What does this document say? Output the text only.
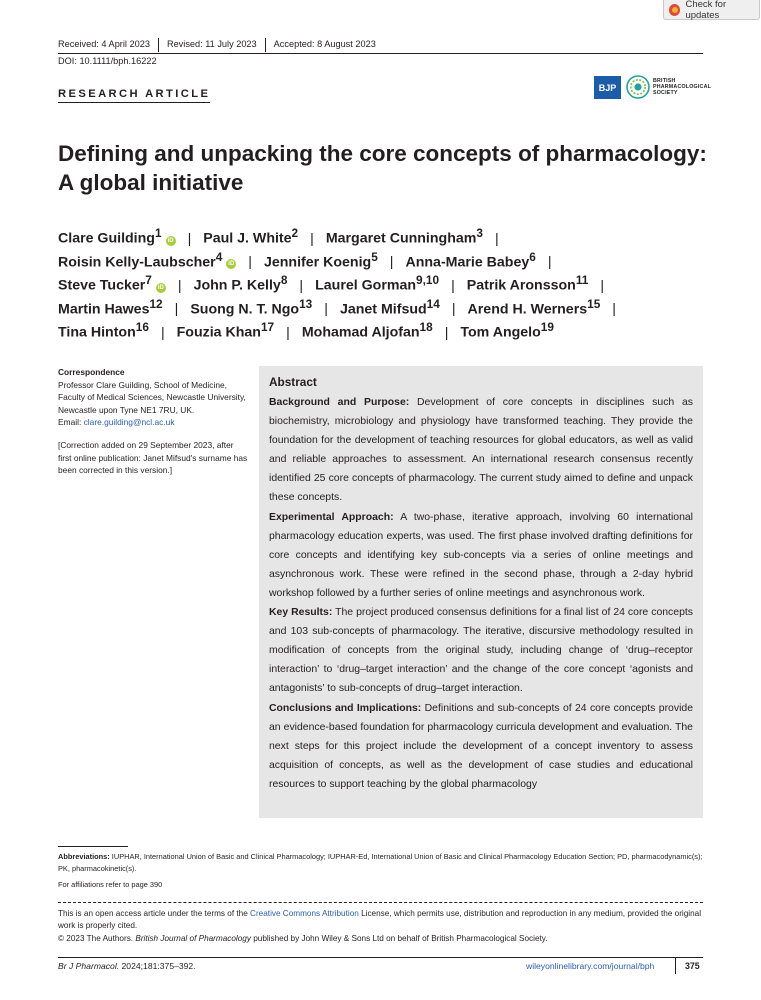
Check for updates
Received: 4 April 2023	Revised: 11 July 2023	Accepted: 8 August 2023
DOI: 10.1111/bph.16222
RESEARCH ARTICLE
BJP
BRITISH
PHARMACOLOGICAL
SOCIETY
Defining and unpacking the core concepts of pharmacology: A global initiative
Clare Guilding$^1$iD | Paul J. White$^2$ | Margaret Cunningham$^3$ |
Roisin Kelly-Laubscher$^4$iD | Jennifer Koenig$^5$ | Anna-Marie Babey$^6$ |
Steve Tucker$^7$iD | John P. Kelly$^8$ | Laurel Gorman$^{9,10}$ | Patrik Aronsson$^{11}$ |
Martin Hawes$^{12}$ | Suong N. T. Ngo$^{13}$ | Janet Mifsud$^{14}$ | Arend H. Werners$^{15}$ |
Tina Hinton$^{16}$ | Fouzia Khan$^{17}$ | Mohamad Aljofan$^{18}$ | Tom Angelo$^{19}$

Correspondence

Professor Clare Guilding, School of Medicine, Faculty of Medical Sciences, Newcastle University, Newcastle upon Tyne NE1 7RU, UK.

Email: clare.guilding@ncl.ac.uk

[Correction added on 29 September 2023, after first online publication: Janet Mifsud's surname has been corrected in this version.]

Abstract

Background and Purpose: Development of core concepts in disciplines such as biochemistry, microbiology and physiology have transformed teaching. They provide the foundation for the development of teaching resources for global educators, as well as valid and reliable approaches to assessment. An international research consensus recently identified 25 core concepts of pharmacology. The current study aimed to define and unpack these concepts.

Experimental Approach: A two-phase, iterative approach, involving 60 international pharmacology education experts, was used. The first phase involved drafting definitions for core concepts and identifying key sub-concepts via a series of online meetings and asynchronous work. These were refined in the second phase, through a 2-day hybrid workshop followed by a further series of online meetings and asynchronous work.

Key Results: The project produced consensus definitions for a final list of 24 core concepts and 103 sub-concepts of pharmacology. The iterative, discursive methodology resulted in modification of concepts from the original study, including change of ‘drug–receptor interaction’ to ‘drug–target interaction’ and the change of the core concept ‘agonists and antagonists’ to sub-concepts of drug–target interaction.

Conclusions and Implications: Definitions and sub-concepts of 24 core concepts provide an evidence-based foundation for pharmacology curricula development and evaluation. The next steps for this project include the development of a concept inventory to assess acquisition of concepts, as well as the development of case studies and educational resources to support teaching by the global pharmacology

Abbreviations: IUPHAR, International Union of Basic and Clinical Pharmacology; IUPHAR-Ed, International Union of Basic and Clinical Pharmacology Education Section; PD, pharmacodynamic(s); PK, pharmacokinetic(s).
For affiliations refer to page 390
This is an open access article under the terms of the Creative Commons Attribution License, which permits use, distribution and reproduction in any medium, provided the original work is properly cited.
© 2023 The Authors. British Journal of Pharmacology published by John Wiley & Sons Ltd on behalf of British Pharmacological Society.
Br J Pharmacol. 2024;181:375–392.	wileyonlinelibrary.com/journal/bph	375
